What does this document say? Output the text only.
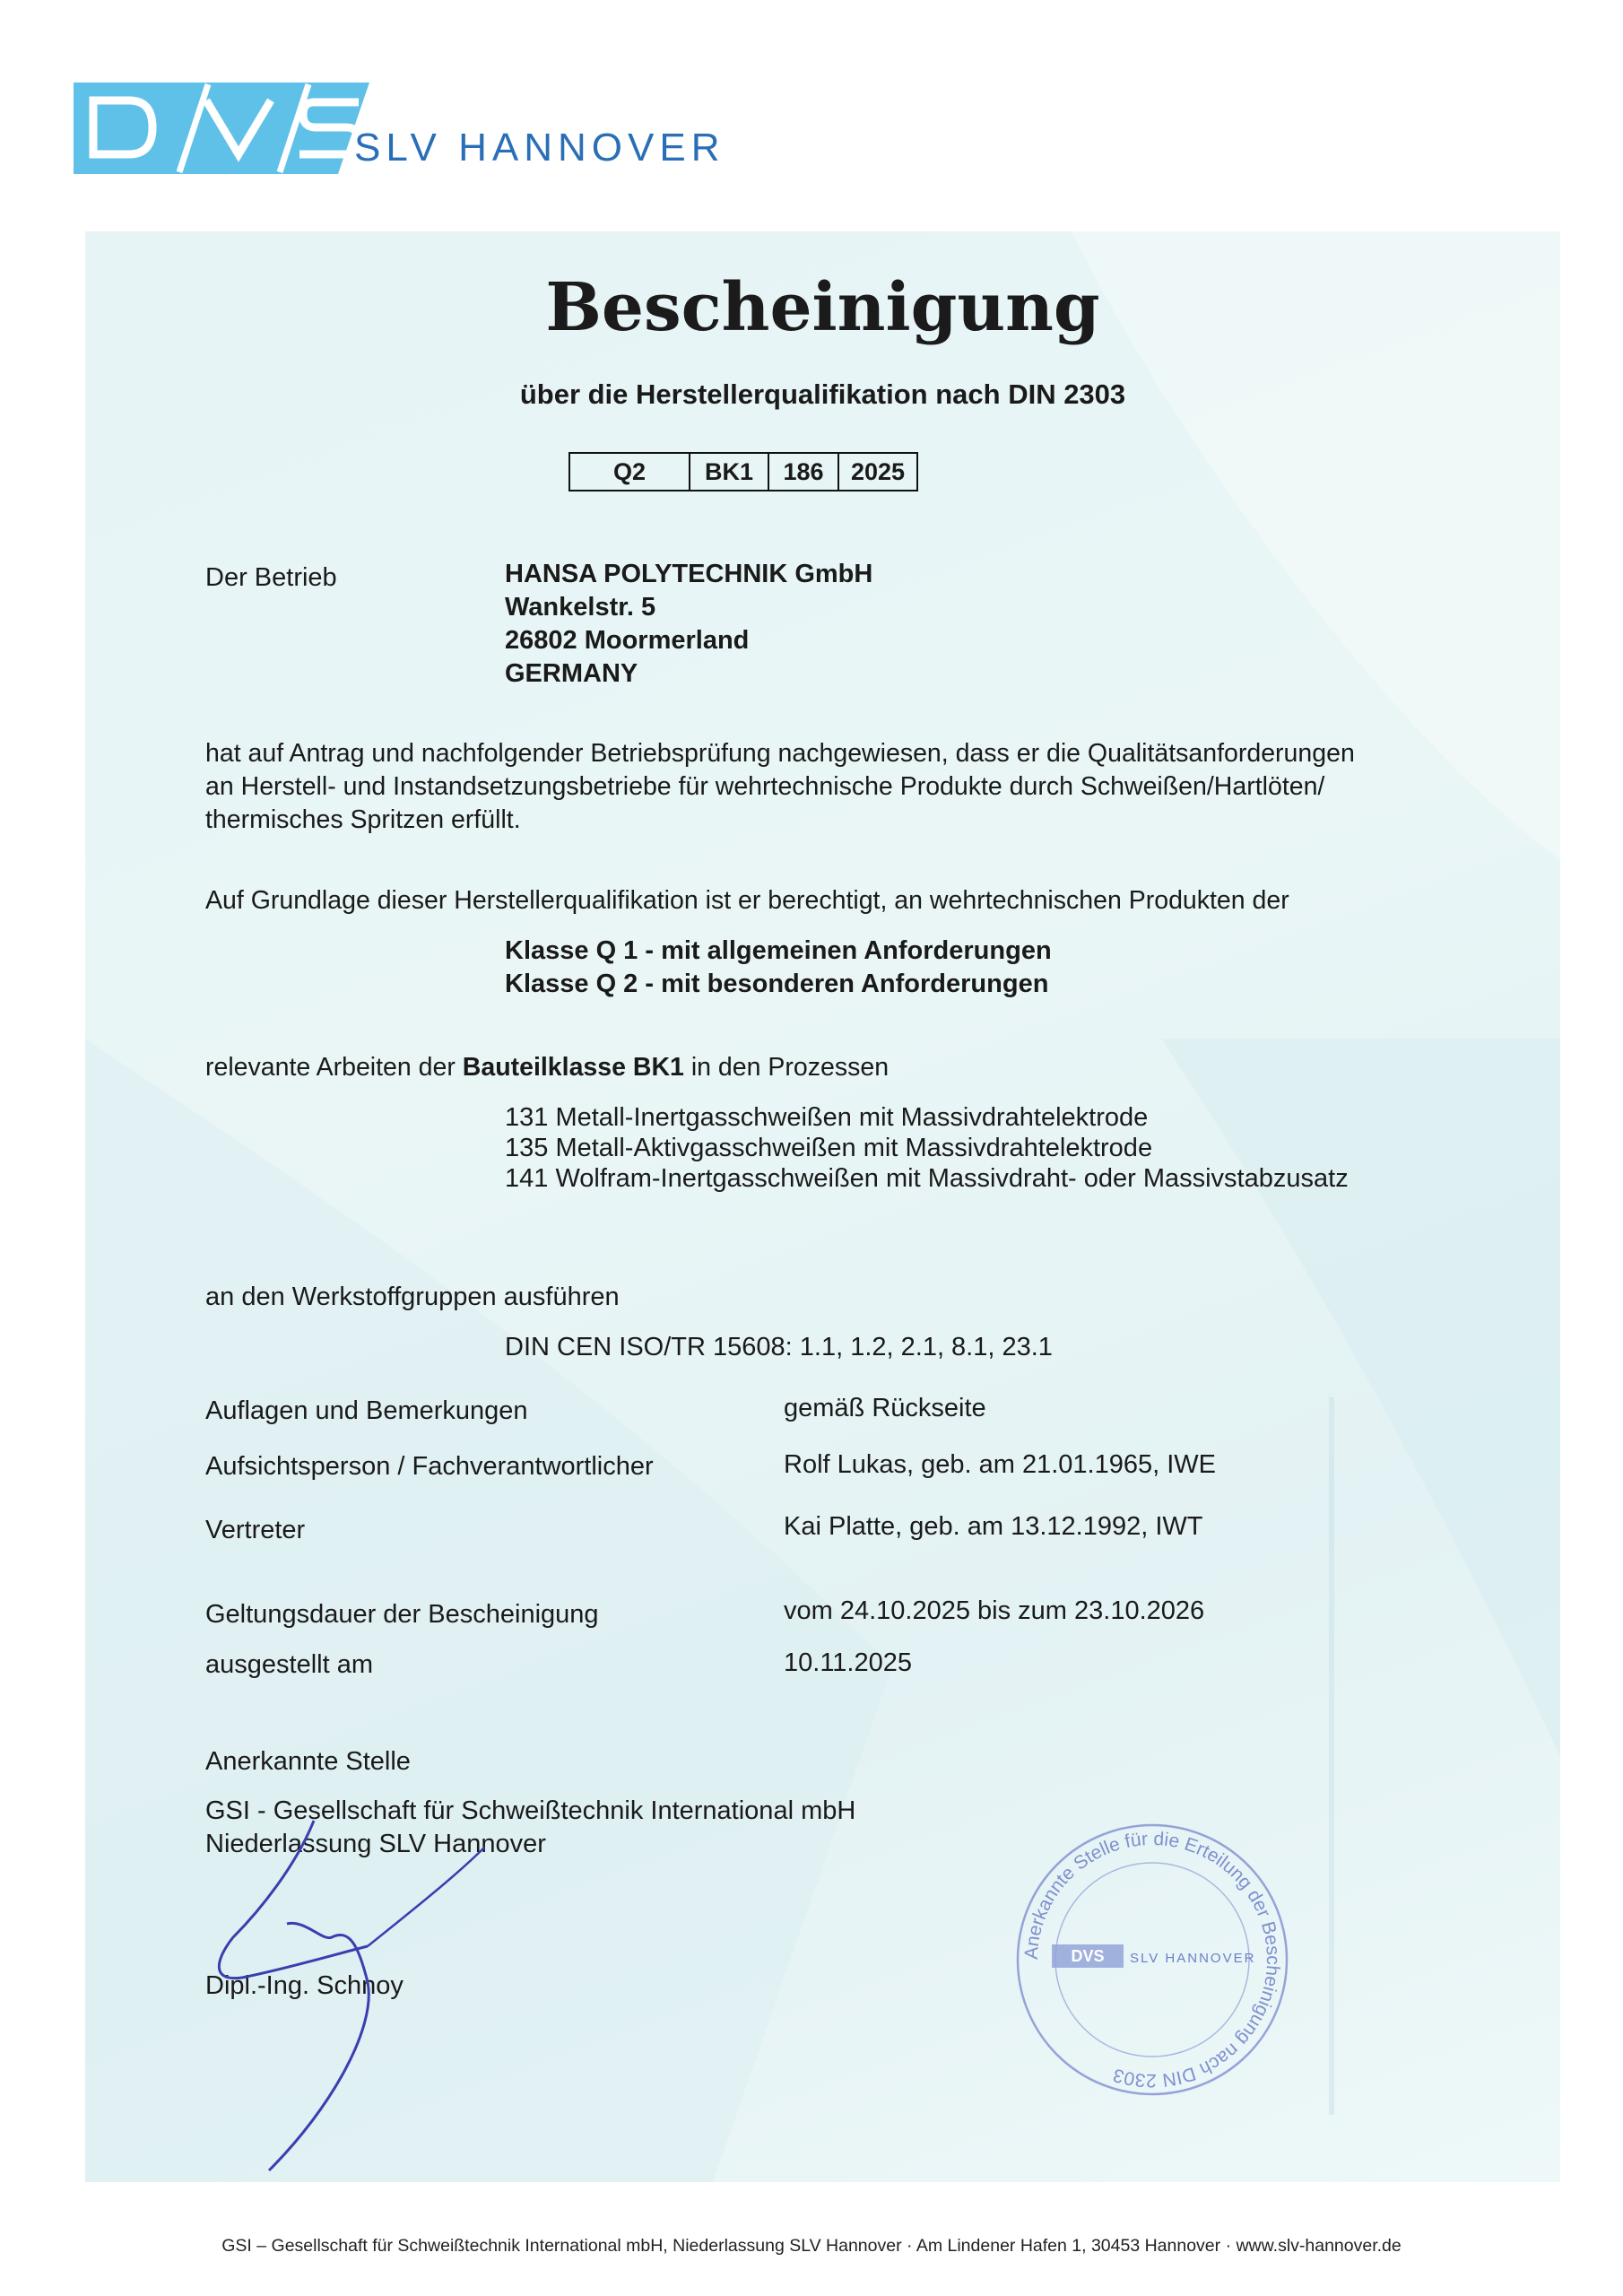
SLV HANNOVER
Bescheinigung
über die Herstellerqualifikation nach DIN 2303
Q2	BK1	186	2025
Der Betrieb	HANSA POLYTECHNIK GmbH
Wankelstr. 5
26802 Moormerland
GERMANY
hat auf Antrag und nachfolgender Betriebsprüfung nachgewiesen, dass er die Qualitätsanforderungen
an Herstell- und Instandsetzungsbetriebe für wehrtechnische Produkte durch Schweißen/Hartlöten/
thermisches Spritzen erfüllt.
Auf Grundlage dieser Herstellerqualifikation ist er berechtigt, an wehrtechnischen Produkten der
Klasse Q 1 - mit allgemeinen Anforderungen
Klasse Q 2 - mit besonderen Anforderungen
relevante Arbeiten der Bauteilklasse BK1 in den Prozessen
131 Metall-Inertgasschweißen mit Massivdrahtelektrode
135 Metall-Aktivgasschweißen mit Massivdrahtelektrode
141 Wolfram-Inertgasschweißen mit Massivdraht- oder Massivstabzusatz
an den Werkstoffgruppen ausführen
DIN CEN ISO/TR 15608: 1.1, 1.2, 2.1, 8.1, 23.1
Auflagen und Bemerkungen	gemäß Rückseite
Aufsichtsperson / Fachverantwortlicher	Rolf Lukas, geb. am 21.01.1965, IWE
Vertreter	Kai Platte, geb. am 13.12.1992, IWT
Geltungsdauer der Bescheinigung	vom 24.10.2025 bis zum 23.10.2026
ausgestellt am	10.11.2025
Anerkannte Stelle
GSI - Gesellschaft für Schweißtechnik International mbH
Niederlassung SLV Hannover
Dipl.-Ing. Schnoy
Anerkannte Stelle für die Erteilung der Bescheinigung nach DIN 2303
DVS SLV HANNOVER
GSI – Gesellschaft für Schweißtechnik International mbH, Niederlassung SLV Hannover · Am Lindener Hafen 1, 30453 Hannover · www.slv-hannover.de
